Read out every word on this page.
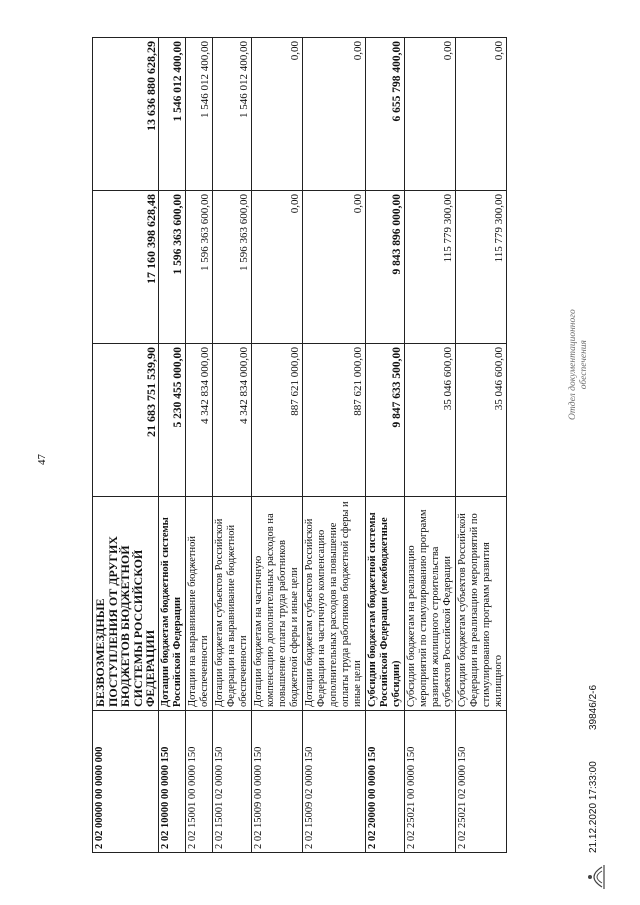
47
2 02 00000 00 0000 000	БЕЗВОЗМЕЗДНЫЕ ПОСТУПЛЕНИЯ ОТ ДРУГИХ БЮДЖЕТОВ БЮДЖЕТНОЙ СИСТЕМЫ РОССИЙСКОЙ ФЕДЕРАЦИИ	21 683 751 539,90	17 160 398 628,48	13 636 880 628,29
2 02 10000 00 0000 150	Дотации бюджетам бюджетной системы Российской Федерации	5 230 455 000,00	1 596 363 600,00	1 546 012 400,00
2 02 15001 00 0000 150	Дотации на выравнивание бюджетной обеспеченности	4 342 834 000,00	1 596 363 600,00	1 546 012 400,00
2 02 15001 02 0000 150	Дотации бюджетам субъектов Российской Федерации на выравнивание бюджетной обеспеченности	4 342 834 000,00	1 596 363 600,00	1 546 012 400,00
2 02 15009 00 0000 150	Дотации бюджетам на частичную компенсацию дополнительных расходов на повышение оплаты труда работников бюджетной сферы и иные цели	887 621 000,00	0,00	0,00
2 02 15009 02 0000 150	Дотации бюджетам субъектов Российской Федерации на частичную компенсацию дополнительных расходов на повышение оплаты труда работников бюджетной сферы и иные цели	887 621 000,00	0,00	0,00
2 02 20000 00 0000 150	Субсидии бюджетам бюджетной системы Российской Федерации (межбюджетные субсидии)	9 847 633 500,00	9 843 896 000,00	6 655 798 400,00
2 02 25021 00 0000 150	Субсидии бюджетам на реализацию мероприятий по стимулированию программ развития жилищного строительства субъектов Российской Федерации	35 046 600,00	115 779 300,00	0,00
2 02 25021 02 0000 150	Субсидии бюджетам субъектов Российской Федерации на реализацию мероприятий по стимулированию программ развития жилищного	35 046 600,00	115 779 300,00	0,00
21.12.2020 17:33:00
39846/2-6
Отдел документационного обеспечения
